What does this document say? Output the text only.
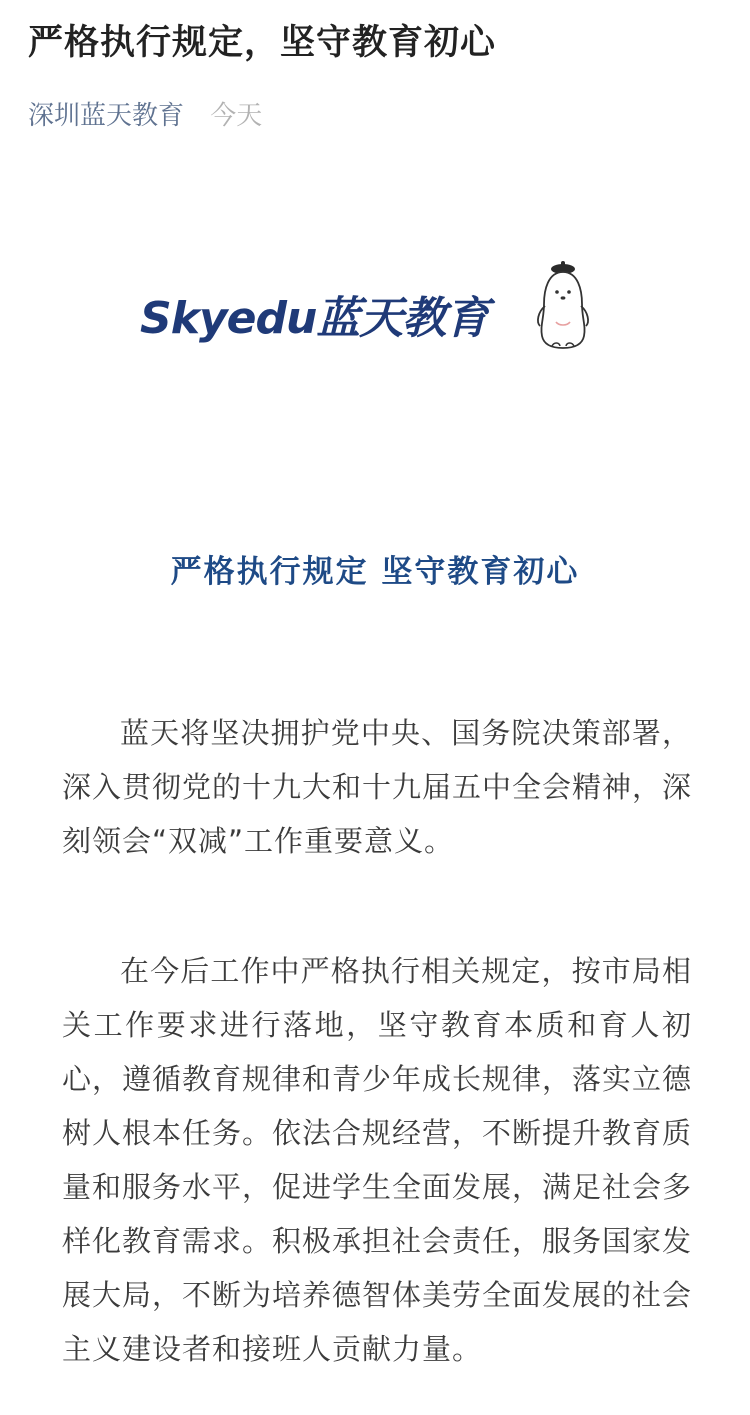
严格执行规定，坚守教育初心
深圳蓝天教育 今天
Skyedu蓝天教育
严格执行规定 坚守教育初心

蓝天将坚决拥护党中央、国务院决策部署，深入贯彻党的十九大和十九届五中全会精神，深刻领会“双减”工作重要意义。

在今后工作中严格执行相关规定，按市局相关工作要求进行落地，坚守教育本质和育人初心，遵循教育规律和青少年成长规律，落实立德树人根本任务。依法合规经营，不断提升教育质量和服务水平，促进学生全面发展，满足社会多样化教育需求。积极承担社会责任，服务国家发展大局，不断为培养德智体美劳全面发展的社会主义建设者和接班人贡献力量。
